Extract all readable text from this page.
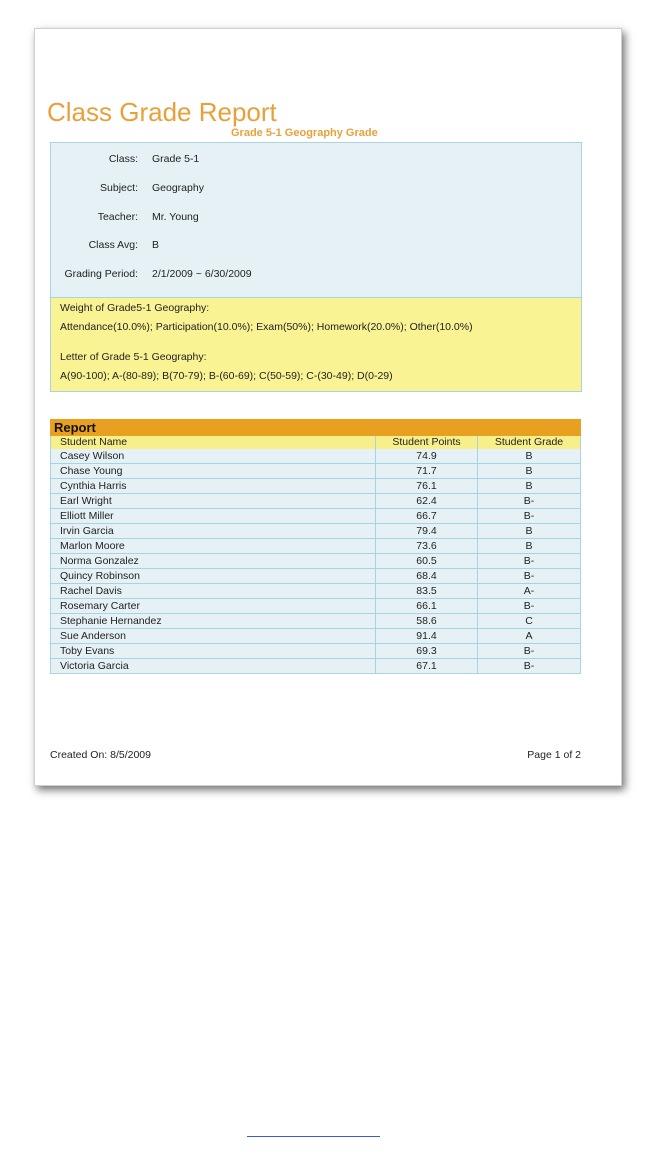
Class Grade Report
Grade 5-1 Geography Grade
Class: Grade 5-1
Subject: Geography
Teacher: Mr. Young
Class Avg: B
Grading Period: 2/1/2009 ~ 6/30/2009
Weight of Grade5-1 Geography:
Attendance(10.0%); Participation(10.0%); Exam(50%); Homework(20.0%); Other(10.0%)
Letter of Grade 5-1 Geography:
A(90-100); A-(80-89); B(70-79); B-(60-69); C(50-59); C-(30-49); D(0-29)
Report
Student Name	Student Points	Student Grade
Casey Wilson	74.9	B
Chase Young	71.7	B
Cynthia Harris	76.1	B
Earl Wright	62.4	B-
Elliott Miller	66.7	B-
Irvin Garcia	79.4	B
Marlon Moore	73.6	B
Norma Gonzalez	60.5	B-
Quincy Robinson	68.4	B-
Rachel Davis	83.5	A-
Rosemary Carter	66.1	B-
Stephanie Hernandez	58.6	C
Sue Anderson	91.4	A
Toby Evans	69.3	B-
Victoria Garcia	67.1	B-
Created On: 8/5/2009	Page 1 of 2
